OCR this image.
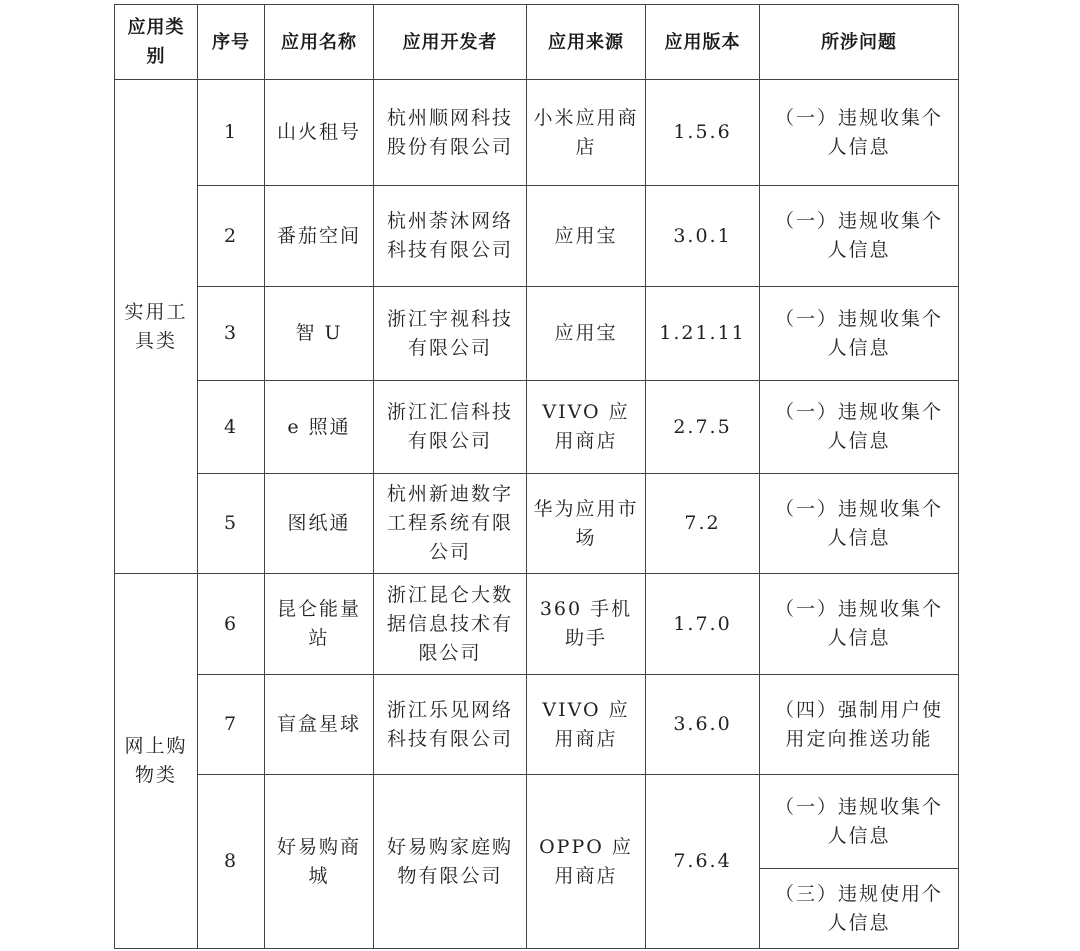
应用类别	序号	应用名称	应用开发者	应用来源	应用版本	所涉问题
实用工具类	1	山火租号	杭州顺网科技股份有限公司	小米应用商店	1.5.6	（一）违规收集个人信息
	2	番茄空间	杭州荼沐网络科技有限公司	应用宝	3.0.1	（一）违规收集个人信息
	3	智 U	浙江宇视科技有限公司	应用宝	1.21.11	（一）违规收集个人信息
	4	e 照通	浙江汇信科技有限公司	VIVO 应用商店	2.7.5	（一）违规收集个人信息
	5	图纸通	杭州新迪数字工程系统有限公司	华为应用市场	7.2	（一）违规收集个人信息
网上购物类	6	昆仑能量站	浙江昆仑大数据信息技术有限公司	360 手机助手	1.7.0	（一）违规收集个人信息
	7	盲盒星球	浙江乐见网络科技有限公司	VIVO 应用商店	3.6.0	（四）强制用户使用定向推送功能
	8	好易购商城	好易购家庭购物有限公司	OPPO 应用商店	7.6.4	（一）违规收集个人信息
						（三）违规使用个人信息
